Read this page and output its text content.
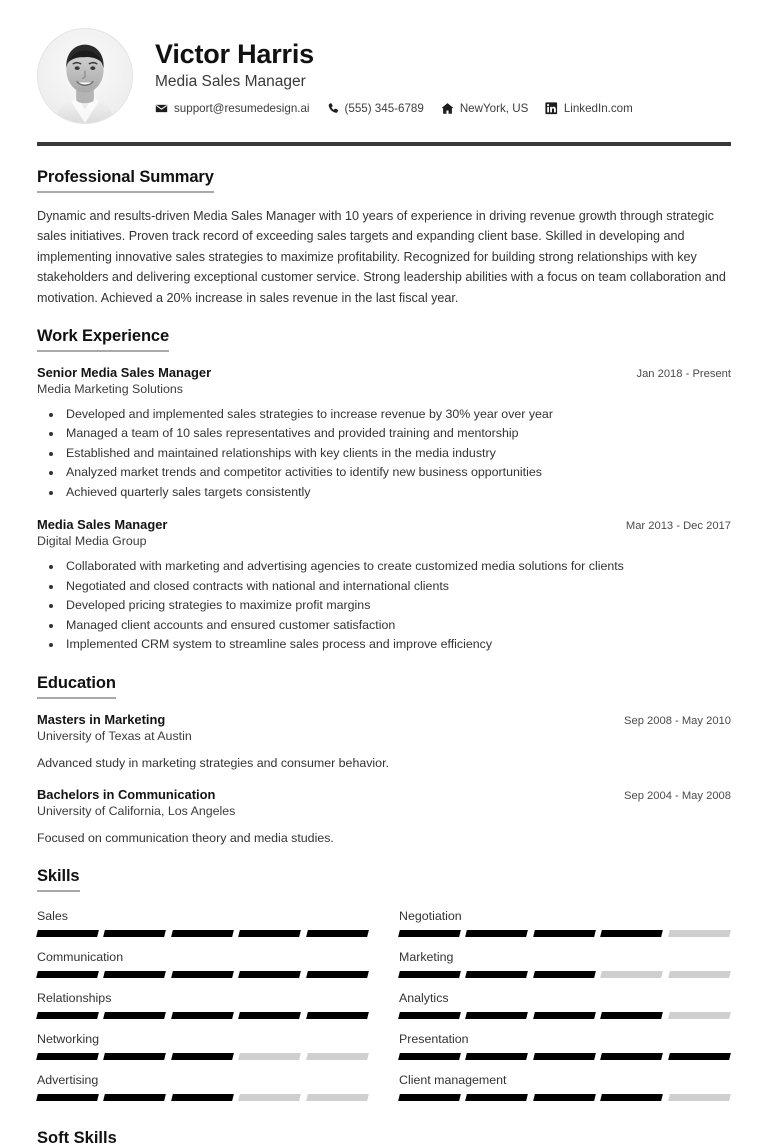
Victor Harris
Media Sales Manager
support@resumedesign.ai	(555) 345-6789	NewYork, US	LinkedIn.com
Professional Summary
Dynamic and results-driven Media Sales Manager with 10 years of experience in driving revenue growth through strategic sales initiatives. Proven track record of exceeding sales targets and expanding client base. Skilled in developing and implementing innovative sales strategies to maximize profitability. Recognized for building strong relationships with key stakeholders and delivering exceptional customer service. Strong leadership abilities with a focus on team collaboration and motivation. Achieved a 20% increase in sales revenue in the last fiscal year.
Work Experience
Senior Media Sales Manager	Jan 2018 - Present
Media Marketing Solutions
• Developed and implemented sales strategies to increase revenue by 30% year over year
• Managed a team of 10 sales representatives and provided training and mentorship
• Established and maintained relationships with key clients in the media industry
• Analyzed market trends and competitor activities to identify new business opportunities
• Achieved quarterly sales targets consistently
Media Sales Manager	Mar 2013 - Dec 2017
Digital Media Group
• Collaborated with marketing and advertising agencies to create customized media solutions for clients
• Negotiated and closed contracts with national and international clients
• Developed pricing strategies to maximize profit margins
• Managed client accounts and ensured customer satisfaction
• Implemented CRM system to streamline sales process and improve efficiency
Education
Masters in Marketing	Sep 2008 - May 2010
University of Texas at Austin
Advanced study in marketing strategies and consumer behavior.
Bachelors in Communication	Sep 2004 - May 2008
University of California, Los Angeles
Focused on communication theory and media studies.
Skills
Sales	Negotiation
Communication	Marketing
Relationships	Analytics
Networking	Presentation
Advertising	Client management
Soft Skills
